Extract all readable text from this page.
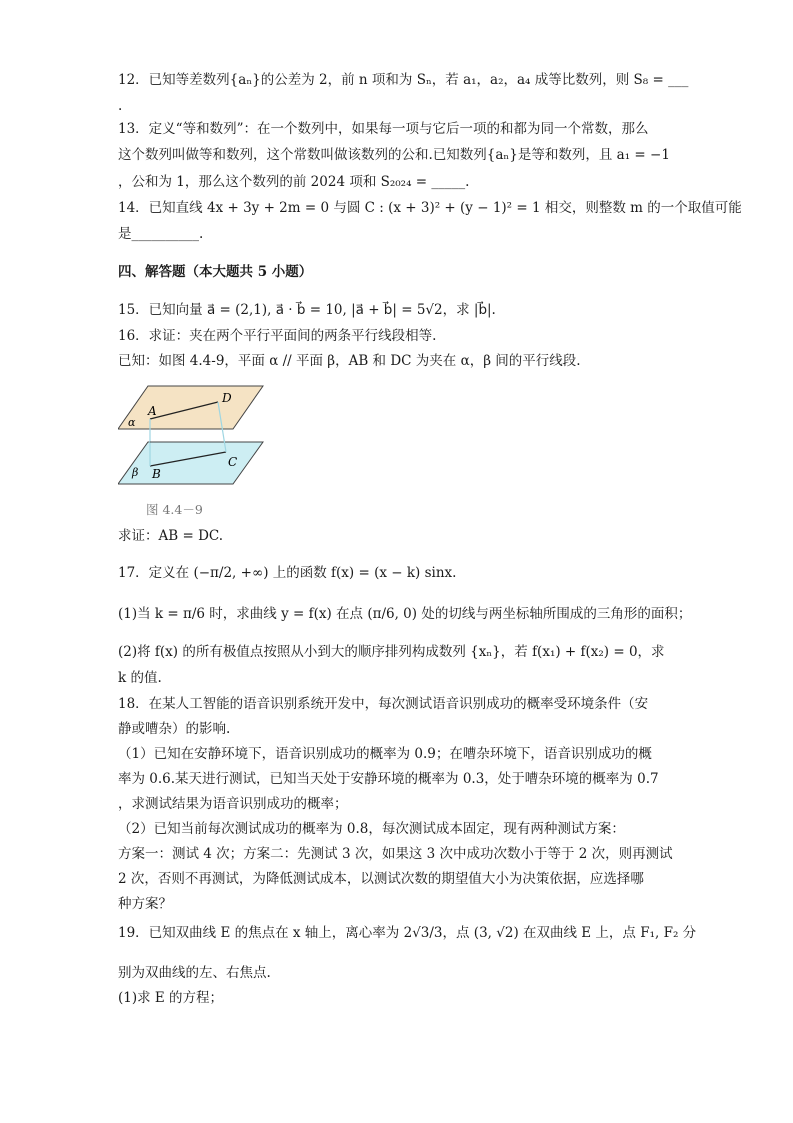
12．已知等差数列{aₙ}的公差为 2，前 n 项和为 Sₙ，若 a₁，a₂，a₄ 成等比数列，则 S₈ = ___
.
13．定义“等和数列”：在一个数列中，如果每一项与它后一项的和都为同一个常数，那么
这个数列叫做等和数列，这个常数叫做该数列的公和.已知数列{aₙ}是等和数列，且 a₁ = −1
，公和为 1，那么这个数列的前 2024 项和 S₂₀₂₄ = _____.
14．已知直线 4x + 3y + 2m = 0 与圆 C : (x + 3)² + (y − 1)² = 1 相交，则整数 m 的一个取值可能
是__________.
四、解答题（本大题共 5 小题）
15．已知向量 a⃗ = (2,1), a⃗ · b⃗ = 10, |a⃗ + b⃗| = 5√2，求 |b⃗|.
16．求证：夹在两个平行平面间的两条平行线段相等.
已知：如图 4.4-9，平面 α // 平面 β，AB 和 DC 为夹在 α，β 间的平行线段.
A
D
B
C
α
β
图 4.4－9
求证：AB = DC.
17．定义在 (−π/2, +∞) 上的函数 f(x) = (x − k) sinx.
(1)当 k = π/6 时，求曲线 y = f(x) 在点 (π/6, 0) 处的切线与两坐标轴所围成的三角形的面积；
(2)将 f(x) 的所有极值点按照从小到大的顺序排列构成数列 {xₙ}，若 f(x₁) + f(x₂) = 0，求
k 的值.
18．在某人工智能的语音识别系统开发中，每次测试语音识别成功的概率受环境条件（安
静或嘈杂）的影响.
（1）已知在安静环境下，语音识别成功的概率为 0.9；在嘈杂环境下，语音识别成功的概
率为 0.6.某天进行测试，已知当天处于安静环境的概率为 0.3，处于嘈杂环境的概率为 0.7
，求测试结果为语音识别成功的概率；
（2）已知当前每次测试成功的概率为 0.8，每次测试成本固定，现有两种测试方案：
方案一：测试 4 次；方案二：先测试 3 次，如果这 3 次中成功次数小于等于 2 次，则再测试
2 次，否则不再测试，为降低测试成本，以测试次数的期望值大小为决策依据，应选择哪
种方案？
19．已知双曲线 E 的焦点在 x 轴上，离心率为 2√3/3，点 (3, √2) 在双曲线 E 上，点 F₁, F₂ 分
别为双曲线的左、右焦点.
(1)求 E 的方程；
